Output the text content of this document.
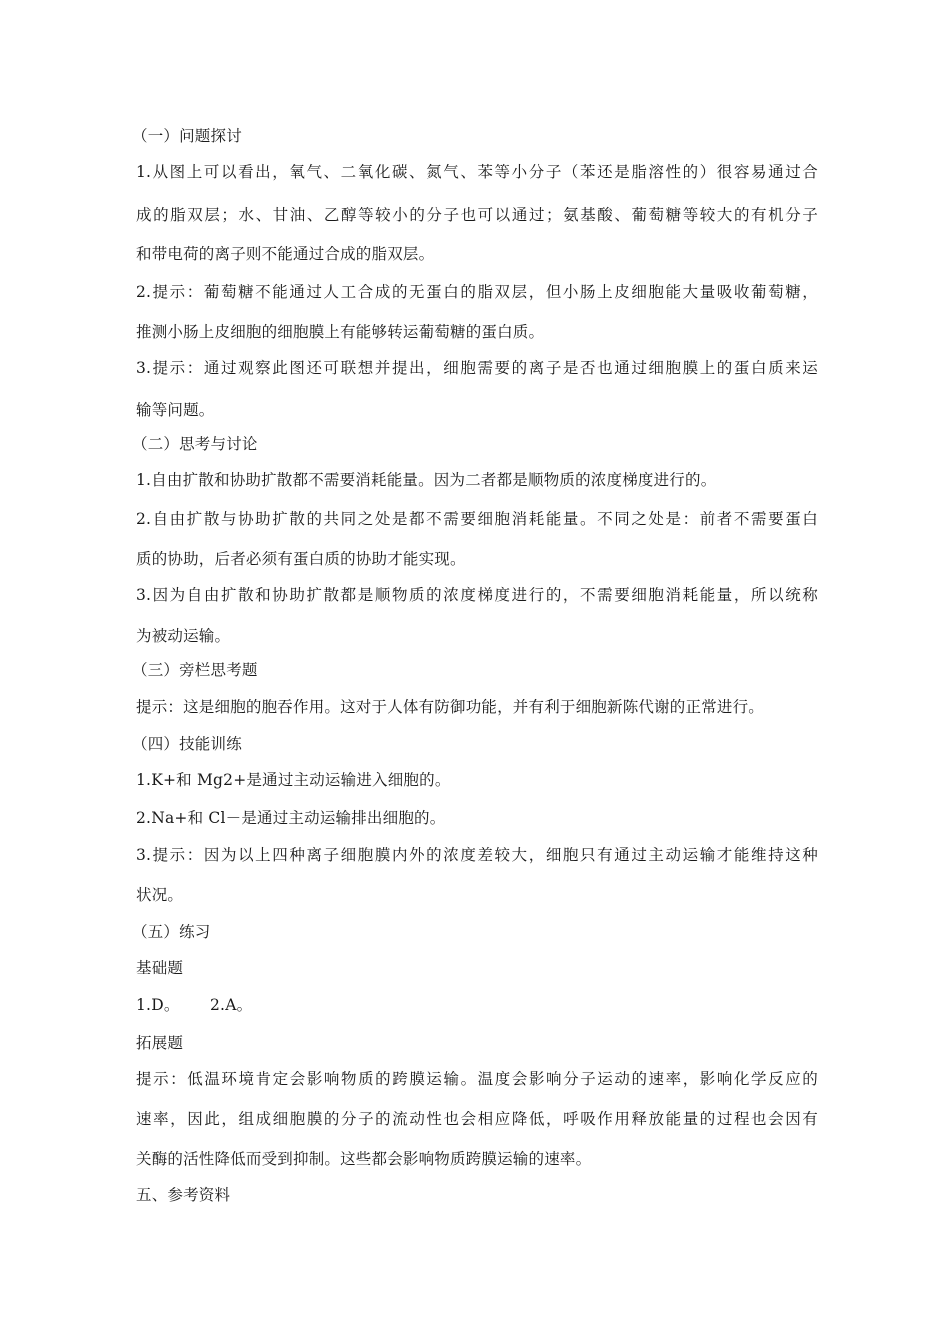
（一）问题探讨
1.从图上可以看出，氧气、二氧化碳、氮气、苯等小分子（苯还是脂溶性的）很容易通过合
成的脂双层；水、甘油、乙醇等较小的分子也可以通过；氨基酸、葡萄糖等较大的有机分子
和带电荷的离子则不能通过合成的脂双层。
2.提示：葡萄糖不能通过人工合成的无蛋白的脂双层，但小肠上皮细胞能大量吸收葡萄糖，
推测小肠上皮细胞的细胞膜上有能够转运葡萄糖的蛋白质。
3.提示：通过观察此图还可联想并提出，细胞需要的离子是否也通过细胞膜上的蛋白质来运
输等问题。
（二）思考与讨论
1.自由扩散和协助扩散都不需要消耗能量。因为二者都是顺物质的浓度梯度进行的。
2.自由扩散与协助扩散的共同之处是都不需要细胞消耗能量。不同之处是：前者不需要蛋白
质的协助，后者必须有蛋白质的协助才能实现。
3.因为自由扩散和协助扩散都是顺物质的浓度梯度进行的，不需要细胞消耗能量，所以统称
为被动运输。
（三）旁栏思考题
提示：这是细胞的胞吞作用。这对于人体有防御功能，并有利于细胞新陈代谢的正常进行。
（四）技能训练
1.K+和 Mg2+是通过主动运输进入细胞的。
2.Na+和 Cl－是通过主动运输排出细胞的。
3.提示：因为以上四种离子细胞膜内外的浓度差较大，细胞只有通过主动运输才能维持这种
状况。
（五）练习
基础题
1.D。 2.A。
拓展题
提示：低温环境肯定会影响物质的跨膜运输。温度会影响分子运动的速率，影响化学反应的
速率，因此，组成细胞膜的分子的流动性也会相应降低，呼吸作用释放能量的过程也会因有
关酶的活性降低而受到抑制。这些都会影响物质跨膜运输的速率。
五、参考资料
